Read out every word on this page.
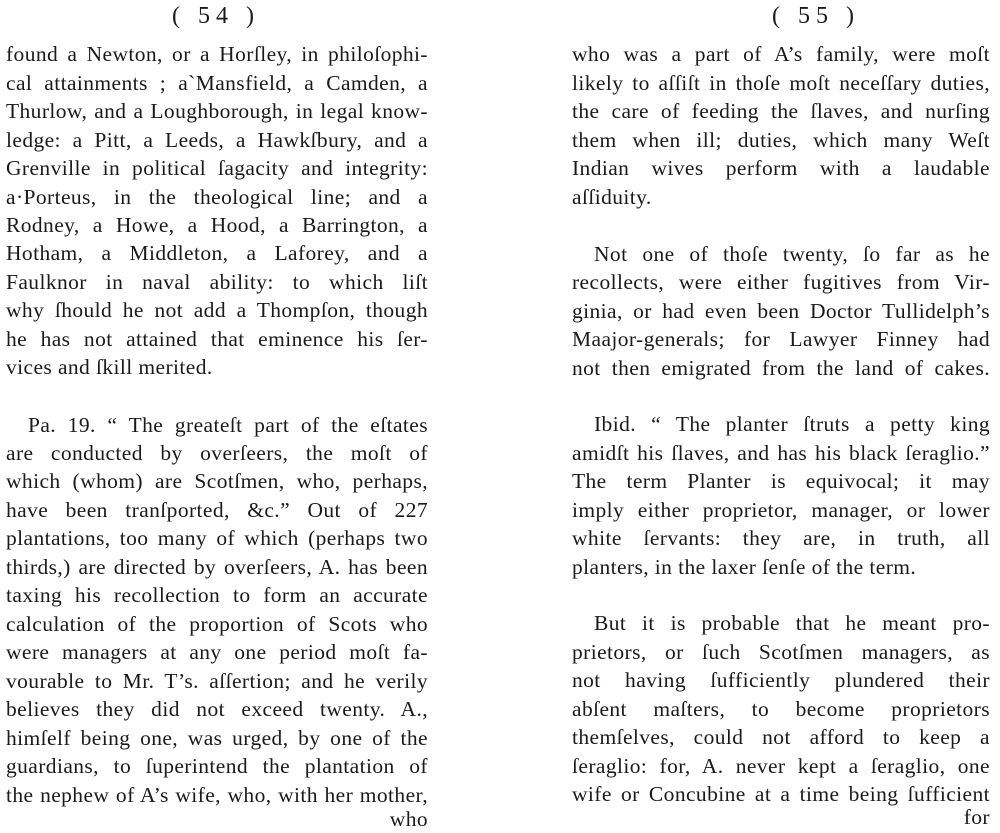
( 54 )
found a Newton, or a Horſley, in philoſophi-
cal attainments ; a`Mansfield, a Camden, a
Thurlow, and a Loughborough, in legal know-
ledge: a Pitt, a Leeds, a Hawkſbury, and a
Grenville in political ſagacity and integrity:
a·Porteus, in the theological line; and a
Rodney, a Howe, a Hood, a Barrington, a
Hotham, a Middleton, a Laforey, and a
Faulknor in naval ability: to which liſt
why ſhould he not add a Thompſon, though
he has not attained that eminence his ſer-
vices and ſkill merited.
Pa. 19. “ The greateſt part of the eſtates
are conducted by overſeers, the moſt of
which (whom) are Scotſmen, who, perhaps,
have been tranſported, &c.” Out of 227
plantations, too many of which (perhaps two
thirds,) are directed by overſeers, A. has been
taxing his recollection to form an accurate
calculation of the proportion of Scots who
were managers at any one period moſt fa-
vourable to Mr. T’s. aſſertion; and he verily
believes they did not exceed twenty. A.,
himſelf being one, was urged, by one of the
guardians, to ſuperintend the plantation of
the nephew of A’s wife, who, with her mother,
who
( 55 )
who was a part of A’s family, were moſt
likely to aſſiſt in thoſe moſt neceſſary duties,
the care of feeding the ſlaves, and nurſing
them when ill; duties, which many Weſt
Indian wives perform with a laudable
aſſiduity.
Not one of thoſe twenty, ſo far as he
recollects, were either fugitives from Vir-
ginia, or had even been Doctor Tullidelph’s
Maajor-generals; for Lawyer Finney had
not then emigrated from the land of cakes.
Ibid. “ The planter ſtruts a petty king
amidſt his ſlaves, and has his black ſeraglio.”
The term Planter is equivocal; it may
imply either proprietor, manager, or lower
white ſervants: they are, in truth, all
planters, in the laxer ſenſe of the term.
But it is probable that he meant pro-
prietors, or ſuch Scotſmen managers, as
not having ſufficiently plundered their
abſent maſters, to become proprietors
themſelves, could not afford to keep a
ſeraglio: for, A. never kept a ſeraglio, one
wife or Concubine at a time being ſufficient
for
